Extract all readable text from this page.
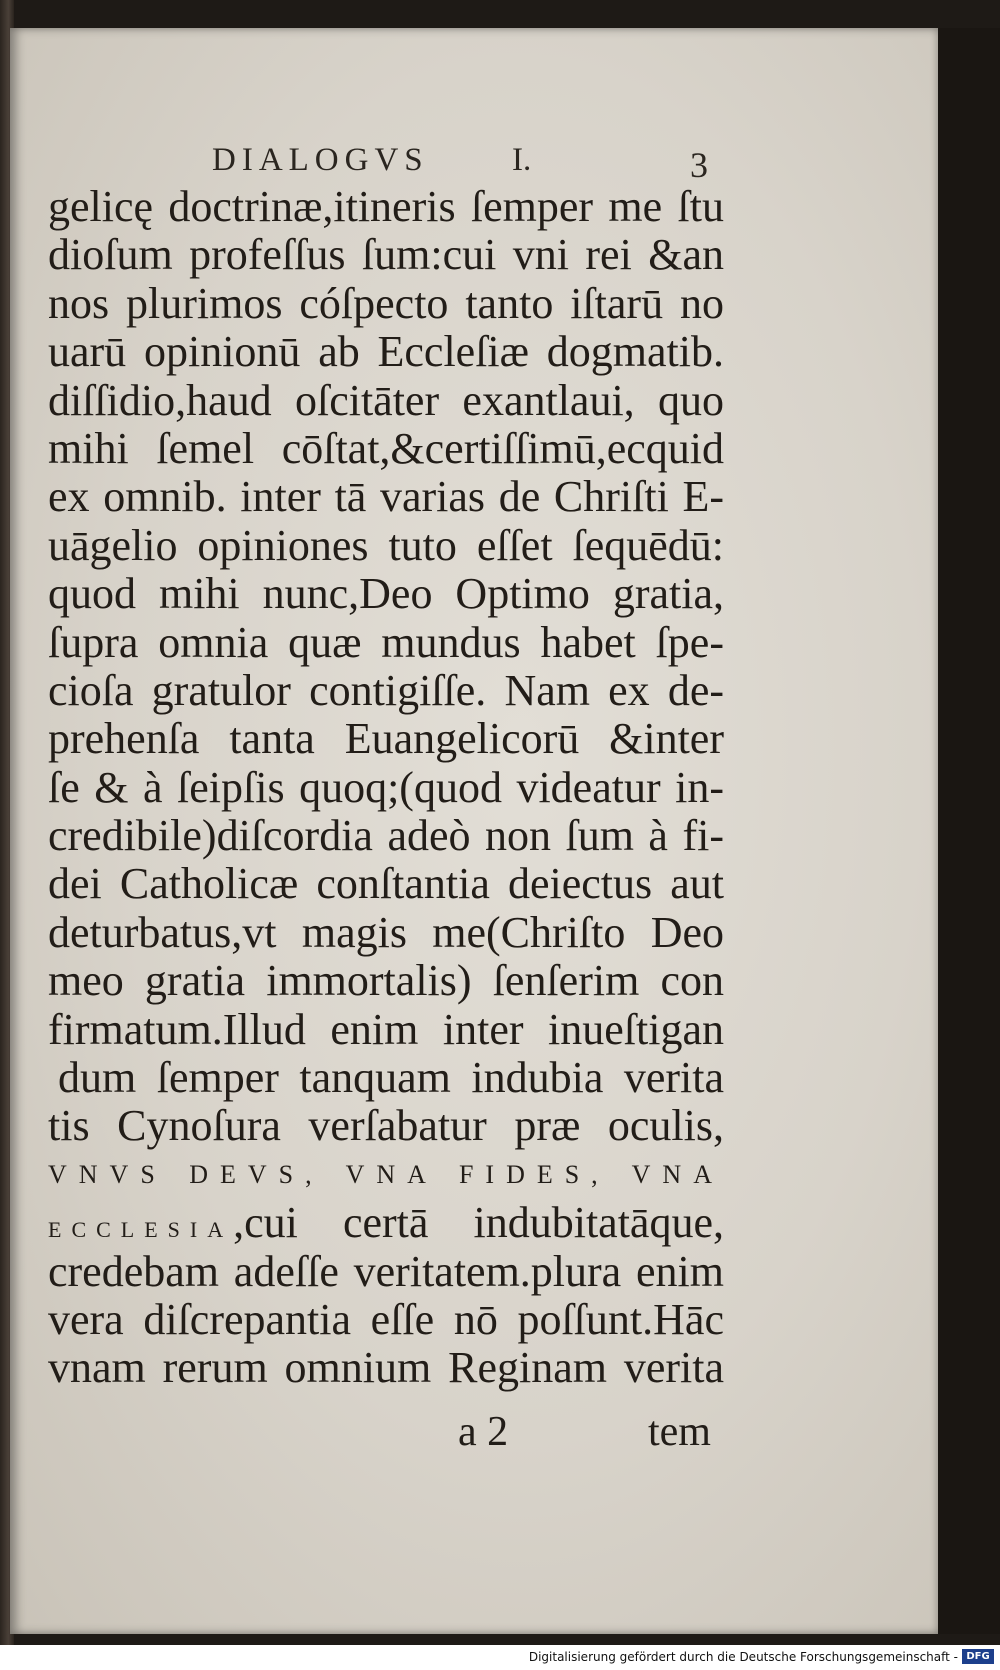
DIALOGVS	I.	3
gelicę doctrinæ,itineris ſemper me ſtu
dioſum profeſſus ſum:cui vni rei &an
nos plurimos cóſpecto tanto iſtarū no
uarū opinionū ab Eccleſiæ dogmatib.
diſſidio,haud oſcitāter exantlaui, quo
mihi ſemel cōſtat,&certiſſimū,ecquid
ex omnib. inter tā varias de Chriſti E-
uāgelio opiniones tuto eſſet ſequēdū:
quod mihi nunc,Deo Optimo gratia,
ſupra omnia quæ mundus habet ſpe-
cioſa gratulor contigiſſe. Nam ex de-
prehenſa tanta Euangelicorū &inter
ſe & à ſeipſis quoq;(quod videatur in-
credibile)diſcordia adeò non ſum à fi-
dei Catholicæ conſtantia deiectus aut
deturbatus,vt magis me(Chriſto Deo
meo gratia immortalis) ſenſerim con
firmatum.Illud enim inter inueſtigan
dum ſemper tanquam indubia verita
tis Cynoſura verſabatur præ oculis,
VNVS DEVS, VNA FIDES, VNA
ECCLESIA,cui certā indubitatāque,
credebam adeſſe veritatem.plura enim
vera diſcrepantia eſſe nō poſſunt.Hāc
vnam rerum omnium Reginam verita
a 2	tem
Digitalisierung gefördert durch die Deutsche Forschungsgemeinschaft - DFG
